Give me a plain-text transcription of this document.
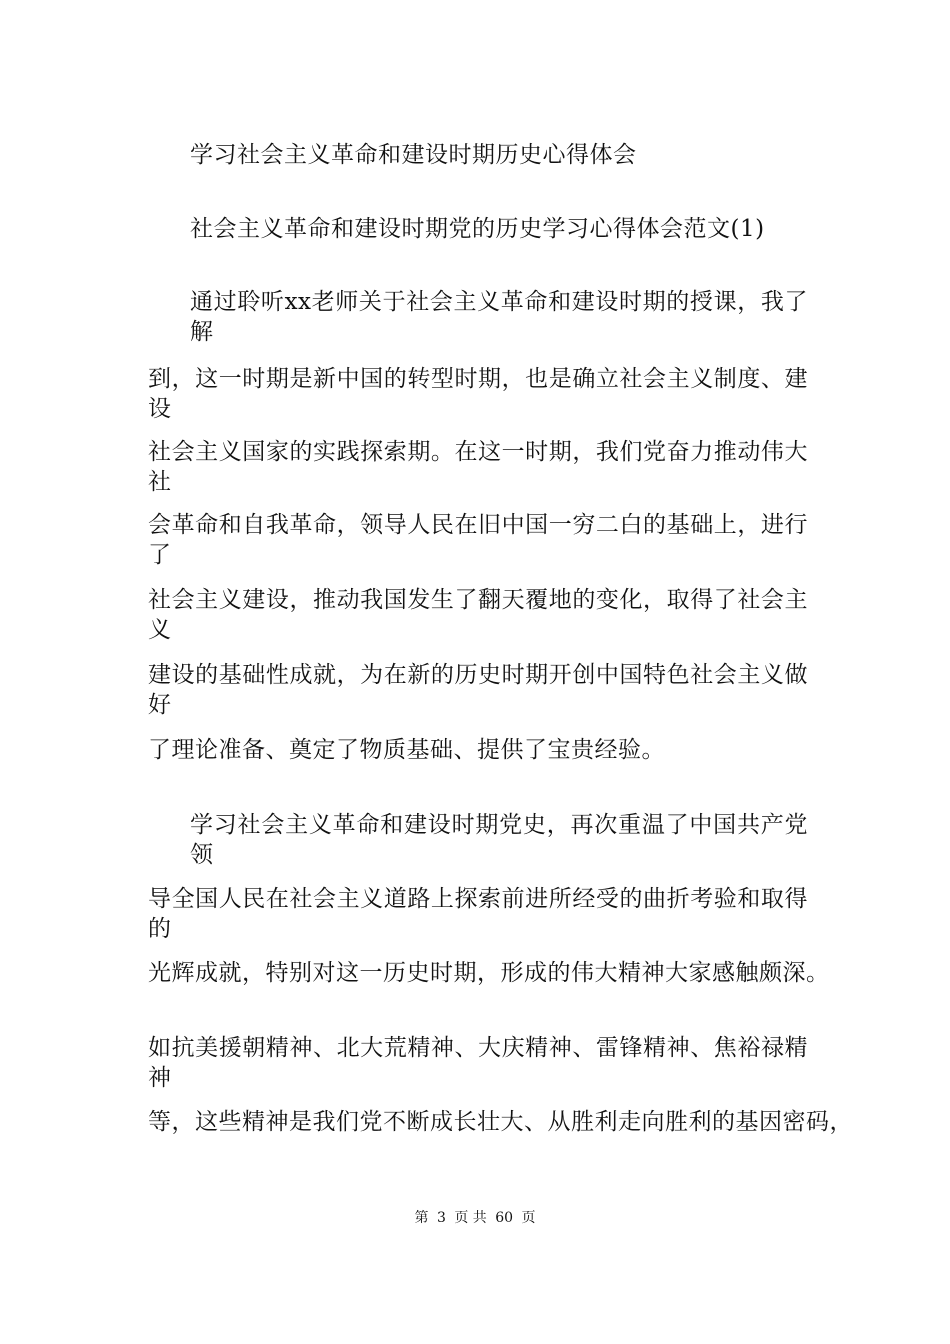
学习社会主义革命和建设时期历史心得体会
社会主义革命和建设时期党的历史学习心得体会范文(1)
通过聆听xx老师关于社会主义革命和建设时期的授课，我了解
到，这一时期是新中国的转型时期，也是确立社会主义制度、建设
社会主义国家的实践探索期。在这一时期，我们党奋力推动伟大社
会革命和自我革命，领导人民在旧中国一穷二白的基础上，进行了
社会主义建设，推动我国发生了翻天覆地的变化，取得了社会主义
建设的基础性成就，为在新的历史时期开创中国特色社会主义做好
了理论准备、奠定了物质基础、提供了宝贵经验。
学习社会主义革命和建设时期党史，再次重温了中国共产党领
导全国人民在社会主义道路上探索前进所经受的曲折考验和取得的
光辉成就，特别对这一历史时期，形成的伟大精神大家感触颇深。
如抗美援朝精神、北大荒精神、大庆精神、雷锋精神、焦裕禄精神
等，这些精神是我们党不断成长壮大、从胜利走向胜利的基因密码，
第 3 页 共 60 页
